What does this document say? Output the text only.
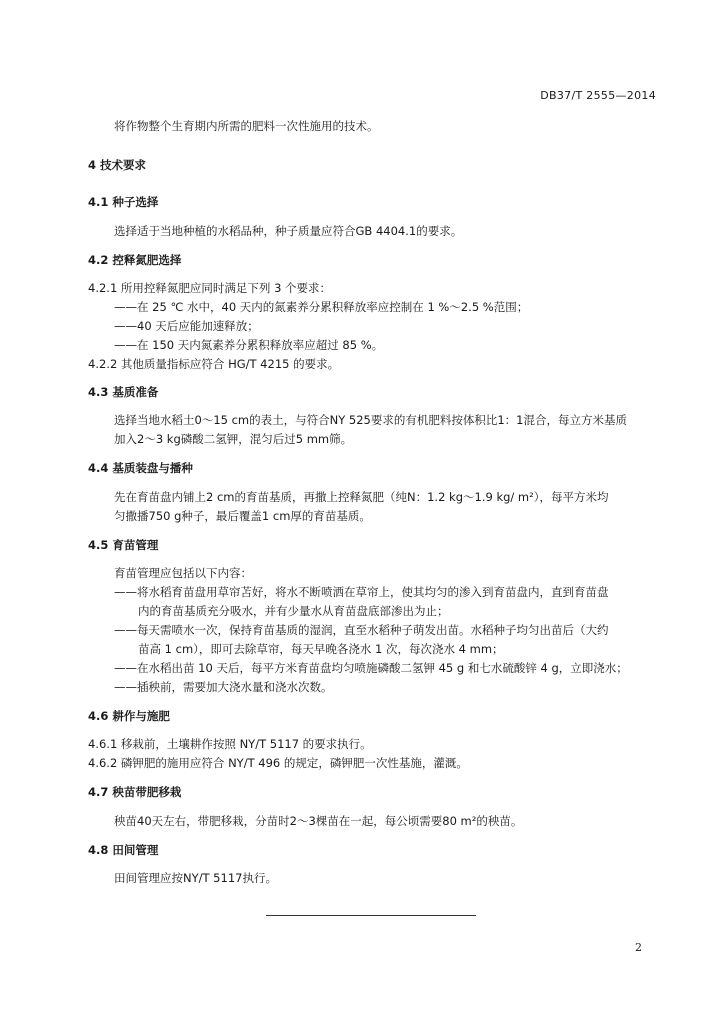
DB37/T 2555—2014
将作物整个生育期内所需的肥料一次性施用的技术。
4 技术要求
4.1 种子选择
选择适于当地种植的水稻品种，种子质量应符合GB 4404.1的要求。
4.2 控释氮肥选择
4.2.1 所用控释氮肥应同时满足下列 3 个要求：
——在 25 ℃ 水中，40 天内的氮素养分累积释放率应控制在 1 %～2.5 %范围；
——40 天后应能加速释放；
——在 150 天内氮素养分累积释放率应超过 85 %。
4.2.2 其他质量指标应符合 HG/T 4215 的要求。
4.3 基质准备
选择当地水稻土0～15 cm的表土，与符合NY 525要求的有机肥料按体积比1：1混合，每立方米基质
加入2～3 kg磷酸二氢钾，混匀后过5 mm筛。
4.4 基质装盘与播种
先在育苗盘内铺上2 cm的育苗基质，再撒上控释氮肥（纯N：1.2 kg～1.9 kg/ m²），每平方米均
匀撒播750 g种子，最后覆盖1 cm厚的育苗基质。
4.5 育苗管理
育苗管理应包括以下内容：
——将水稻育苗盘用草帘苫好，将水不断喷洒在草帘上，使其均匀的渗入到育苗盘内，直到育苗盘
内的育苗基质充分吸水，并有少量水从育苗盘底部渗出为止；
——每天需喷水一次，保持育苗基质的湿润，直至水稻种子萌发出苗。水稻种子均匀出苗后（大约
苗高 1 cm），即可去除草帘，每天早晚各浇水 1 次，每次浇水 4 mm；
——在水稻出苗 10 天后，每平方米育苗盘均匀喷施磷酸二氢钾 45 g 和七水硫酸锌 4 g，立即浇水；
——插秧前，需要加大浇水量和浇水次数。
4.6 耕作与施肥
4.6.1 移栽前，土壤耕作按照 NY/T 5117 的要求执行。
4.6.2 磷钾肥的施用应符合 NY/T 496 的规定，磷钾肥一次性基施，灌溉。
4.7 秧苗带肥移栽
秧苗40天左右，带肥移栽，分苗时2～3棵苗在一起，每公顷需要80 m²的秧苗。
4.8 田间管理
田间管理应按NY/T 5117执行。
2
